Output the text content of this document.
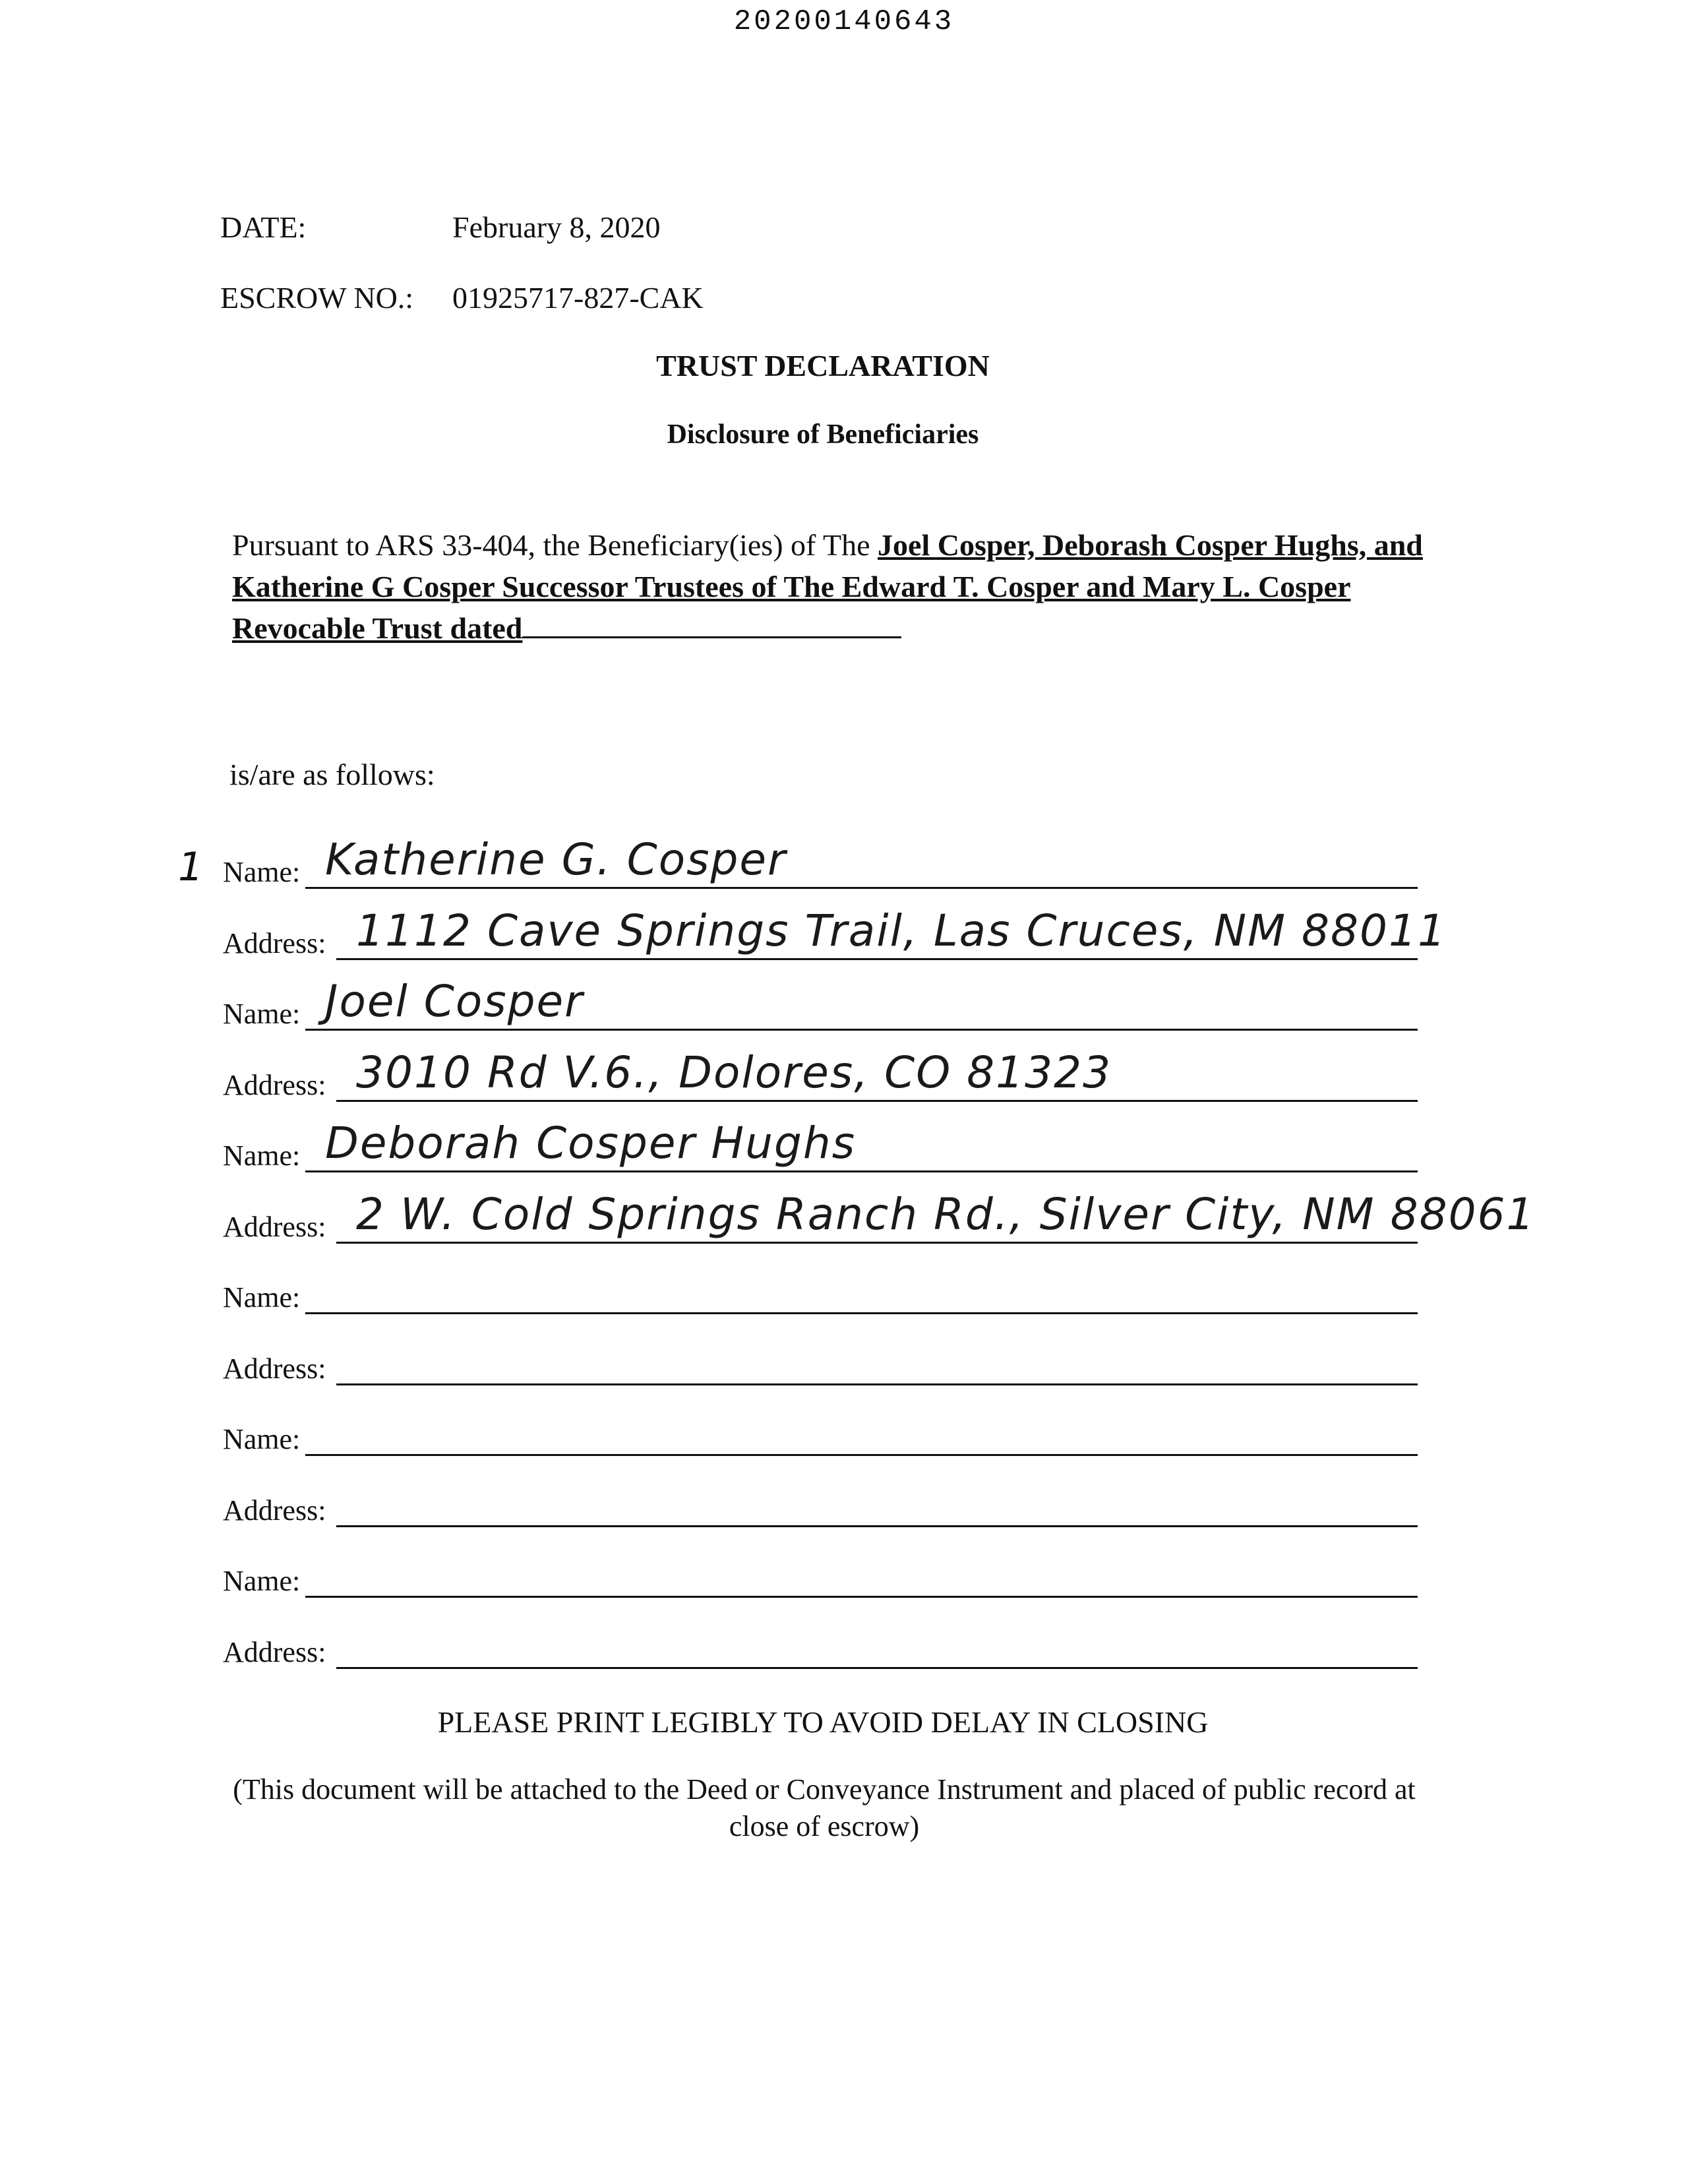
20200140643
DATE:	February 8, 2020
ESCROW NO.: 01925717-827-CAK
TRUST DECLARATION
Disclosure of Beneficiaries
Pursuant to ARS 33-404, the Beneficiary(ies) of The Joel Cosper, Deborash Cosper Hughs, and Katherine G Cosper Successor Trustees of The Edward T. Cosper and Mary L. Cosper Revocable Trust dated
is/are as follows:
1 Name: Katherine G. Cosper
Address: 1112 Cave Springs Trail, Las Cruces, NM 88011
Name: Joel Cosper
Address: 3010 Rd V.6., Dolores, CO 81323
Name: Deborah Cosper Hughs
Address: 2 W. Cold Springs Ranch Rd., Silver City, NM 88061
Name:
Address:
Name:
Address:
Name:
Address:
PLEASE PRINT LEGIBLY TO AVOID DELAY IN CLOSING
(This document will be attached to the Deed or Conveyance Instrument and placed of public record at
close of escrow)
